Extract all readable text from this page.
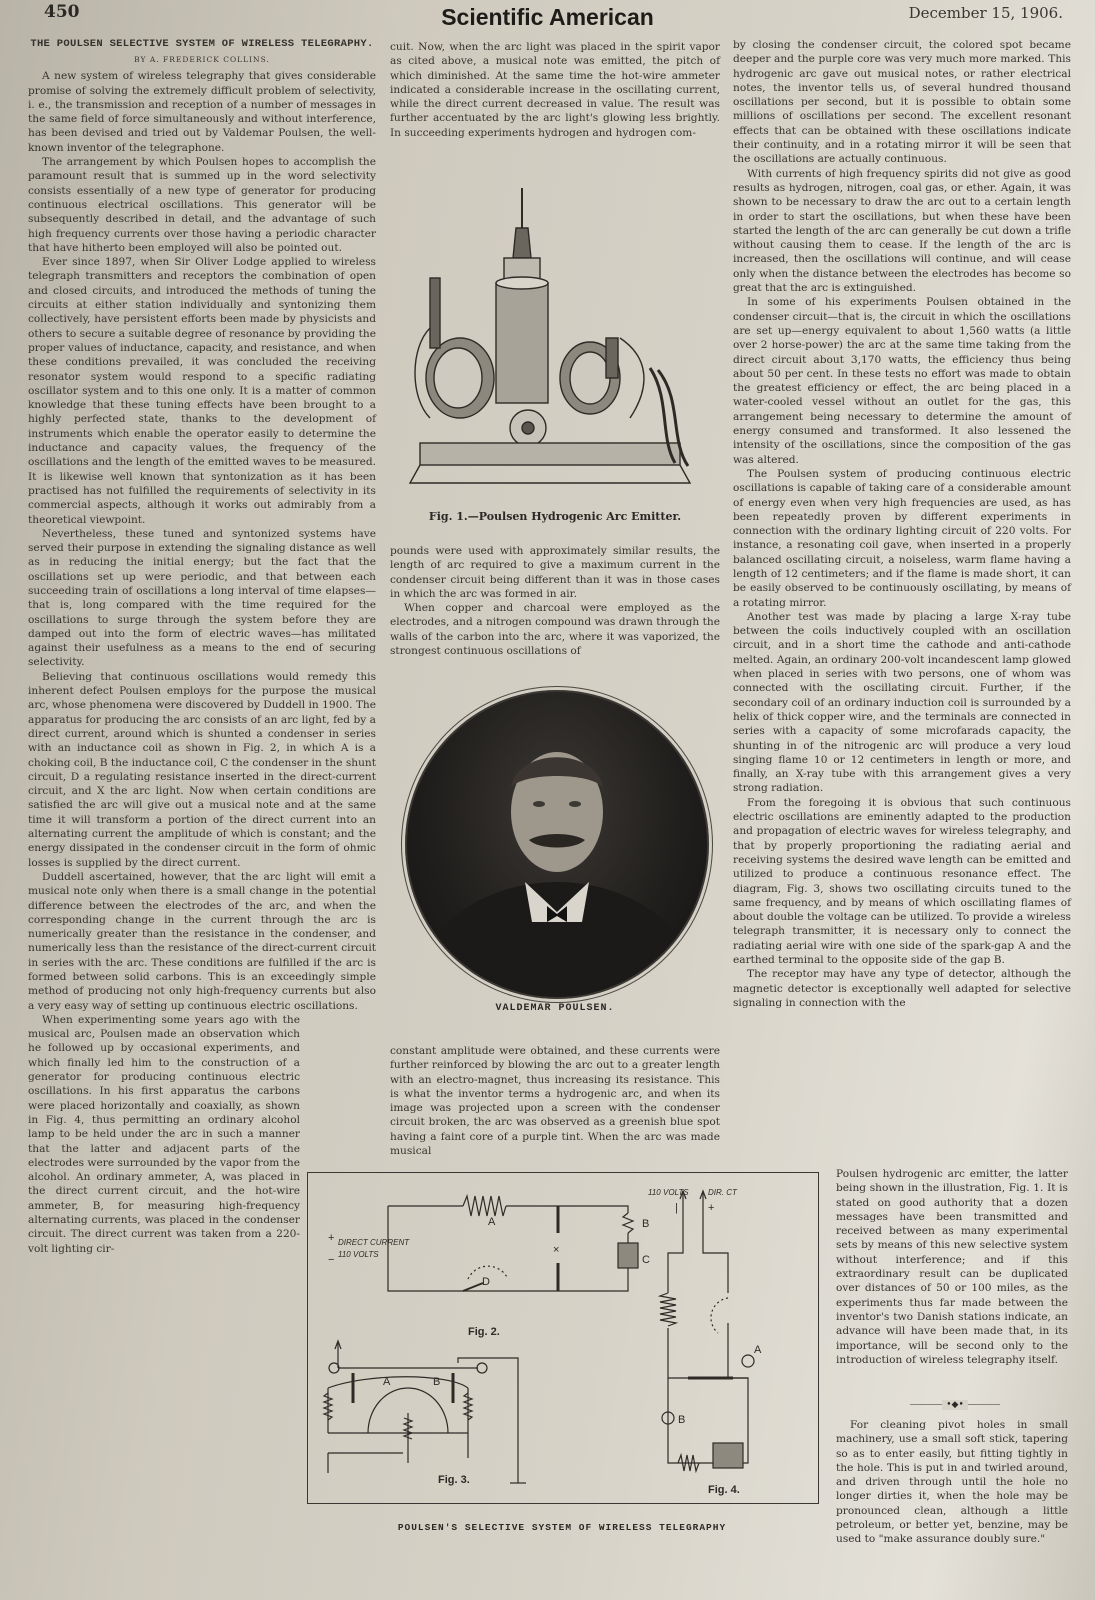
450	Scientific American	December 15, 1906.
THE POULSEN SELECTIVE SYSTEM OF WIRELESS TELEGRAPHY.
BY A. FREDERICK COLLINS.

A new system of wireless telegraphy that gives considerable promise of solving the extremely difficult problem of selectivity, i. e., the transmission and reception of a number of messages in the same field of force simultaneously and without interference, has been devised and tried out by Valdemar Poulsen, the well-known inventor of the telegraphone.

The arrangement by which Poulsen hopes to accomplish the paramount result that is summed up in the word selectivity consists essentially of a new type of generator for producing continuous electrical oscillations. This generator will be subsequently described in detail, and the advantage of such high frequency currents over those having a periodic character that have hitherto been employed will also be pointed out.

Ever since 1897, when Sir Oliver Lodge applied to wireless telegraph transmitters and receptors the combination of open and closed circuits, and introduced the methods of tuning the circuits at either station individually and syntonizing them collectively, have persistent efforts been made by physicists and others to secure a suitable degree of resonance by providing the proper values of inductance, capacity, and resistance, and when these conditions prevailed, it was concluded the receiving resonator system would respond to a specific radiating oscillator system and to this one only. It is a matter of common knowledge that these tuning effects have been brought to a highly perfected state, thanks to the development of instruments which enable the operator easily to determine the inductance and capacity values, the frequency of the oscillations and the length of the emitted waves to be measured. It is likewise well known that syntonization as it has been practised has not fulfilled the requirements of selectivity in its commercial aspects, although it works out admirably from a theoretical viewpoint.

Nevertheless, these tuned and syntonized systems have served their purpose in extending the signaling distance as well as in reducing the initial energy; but the fact that the oscillations set up were periodic, and that between each succeeding train of oscillations a long interval of time elapses—that is, long compared with the time required for the oscillations to surge through the system before they are damped out into the form of electric waves—has militated against their usefulness as a means to the end of securing selectivity.

Believing that continuous oscillations would remedy this inherent defect Poulsen employs for the purpose the musical arc, whose phenomena were discovered by Duddell in 1900. The apparatus for producing the arc consists of an arc light, fed by a direct current, around which is shunted a condenser in series with an inductance coil as shown in Fig. 2, in which A is a choking coil, B the inductance coil, C the condenser in the shunt circuit, D a regulating resistance inserted in the direct-current circuit, and X the arc light. Now when certain conditions are satisfied the arc will give out a musical note and at the same time it will transform a portion of the direct current into an alternating current the amplitude of which is constant; and the energy dissipated in the condenser circuit in the form of ohmic losses is supplied by the direct current.

Duddell ascertained, however, that the arc light will emit a musical note only when there is a small change in the potential difference between the electrodes of the arc, and when the corresponding change in the current through the arc is numerically greater than the resistance in the condenser, and numerically less than the resistance of the direct-current circuit in series with the arc. These conditions are fulfilled if the arc is formed between solid carbons. This is an exceedingly simple method of producing not only high-frequency currents but also a very easy way of setting up continuous electric oscillations.

When experimenting some years ago with the musical arc, Poulsen made an observation which he followed up by occasional experiments, and which finally led him to the construction of a generator for producing continuous electric oscillations. In his first apparatus the carbons were placed horizontally and coaxially, as shown in Fig. 4, thus permitting an ordinary alcohol lamp to be held under the arc in such a manner that the latter and adjacent parts of the electrodes were surrounded by the vapor from the alcohol. An ordinary ammeter, A, was placed in the direct current circuit, and the hot-wire ammeter, B, for measuring high-frequency alternating currents, was placed in the condenser circuit. The direct current was taken from a 220-volt lighting cir-

cuit. Now, when the arc light was placed in the spirit vapor as cited above, a musical note was emitted, the pitch of which diminished. At the same time the hot-wire ammeter indicated a considerable increase in the oscillating current, while the direct current decreased in value. The result was further accentuated by the arc light's glowing less brightly. In succeeding experiments hydrogen and hydrogen com-

Fig. 1.—Poulsen Hydrogenic Arc Emitter.

pounds were used with approximately similar results, the length of arc required to give a maximum current in the condenser circuit being different than it was in those cases in which the arc was formed in air.

When copper and charcoal were employed as the electrodes, and a nitrogen compound was drawn through the walls of the carbon into the arc, where it was vaporized, the strongest continuous oscillations of

VALDEMAR POULSEN.

constant amplitude were obtained, and these currents were further reinforced by blowing the arc out to a greater length with an electro-magnet, thus increasing its resistance. This is what the inventor terms a hydrogenic arc, and when its image was projected upon a screen with the condenser circuit broken, the arc was observed as a greenish blue spot having a faint core of a purple tint. When the arc was made musical

by closing the condenser circuit, the colored spot became deeper and the purple core was very much more marked. This hydrogenic arc gave out musical notes, or rather electrical notes, the inventor tells us, of several hundred thousand oscillations per second, but it is possible to obtain some millions of oscillations per second. The excellent resonant effects that can be obtained with these oscillations indicate their continuity, and in a rotating mirror it will be seen that the oscillations are actually continuous.

With currents of high frequency spirits did not give as good results as hydrogen, nitrogen, coal gas, or ether. Again, it was shown to be necessary to draw the arc out to a certain length in order to start the oscillations, but when these have been started the length of the arc can generally be cut down a trifle without causing them to cease. If the length of the arc is increased, then the oscillations will continue, and will cease only when the distance between the electrodes has become so great that the arc is extinguished.

In some of his experiments Poulsen obtained in the condenser circuit—that is, the circuit in which the oscillations are set up—energy equivalent to about 1,560 watts (a little over 2 horse-power) the arc at the same time taking from the direct circuit about 3,170 watts, the efficiency thus being about 50 per cent. In these tests no effort was made to obtain the greatest efficiency or effect, the arc being placed in a water-cooled vessel without an outlet for the gas, this arrangement being necessary to determine the amount of energy consumed and transformed. It also lessened the intensity of the oscillations, since the composition of the gas was altered.

The Poulsen system of producing continuous electric oscillations is capable of taking care of a considerable amount of energy even when very high frequencies are used, as has been repeatedly proven by different experiments in connection with the ordinary lighting circuit of 220 volts. For instance, a resonating coil gave, when inserted in a properly balanced oscillating circuit, a noiseless, warm flame having a length of 12 centimeters; and if the flame is made short, it can be easily observed to be continuously oscillating, by means of a rotating mirror.

Another test was made by placing a large X-ray tube between the coils inductively coupled with an oscillation circuit, and in a short time the cathode and anti-cathode melted. Again, an ordinary 200-volt incandescent lamp glowed when placed in series with two persons, one of whom was connected with the oscillating circuit. Further, if the secondary coil of an ordinary induction coil is surrounded by a helix of thick copper wire, and the terminals are connected in series with a capacity of some microfarads capacity, the shunting in of the nitrogenic arc will produce a very loud singing flame 10 or 12 centimeters in length or more, and finally, an X-ray tube with this arrangement gives a very strong radiation.

From the foregoing it is obvious that such continuous electric oscillations are eminently adapted to the production and propagation of electric waves for wireless telegraphy, and that by properly proportioning the radiating aerial and receiving systems the desired wave length can be emitted and utilized to produce a continuous resonance effect. The diagram, Fig. 3, shows two oscillating circuits tuned to the same frequency, and by means of which oscillating flames of about double the voltage can be utilized. To provide a wireless telegraph transmitter, it is necessary only to connect the radiating aerial wire with one side of the spark-gap A and the earthed terminal to the opposite side of the gap B.

The receptor may have any type of detector, although the magnetic detector is exceptionally well adapted for selective signaling in connection with the

Poulsen hydrogenic arc emitter, the latter being shown in the illustration, Fig. 1. It is stated on good authority that a dozen messages have been transmitted and received between as many experimental sets by means of this new selective system without interference; and if this extraordinary result can be duplicated over distances of 50 or 100 miles, as the experiments thus far made between the inventor's two Danish stations indicate, an advance will have been made that, in its importance, will be second only to the introduction of wireless telegraphy itself.

•◆•

For cleaning pivot holes in small machinery, use a small soft stick, tapering so as to enter easily, but fitting tightly in the hole. This is put in and twirled around, and driven through until the hole no longer dirties it, when the hole may be pronounced clean, although a little petroleum, or better yet, benzine, may be used to "make assurance doubly sure."

A	B
C
D
×
+
−
DIRECT CURRENT
110 VOLTS
Fig. 2.
A	B
Fig. 3.
110 VOLTS DIR. CT
|	+
A
B
Fig. 4.
POULSEN'S SELECTIVE SYSTEM OF WIRELESS TELEGRAPHY
